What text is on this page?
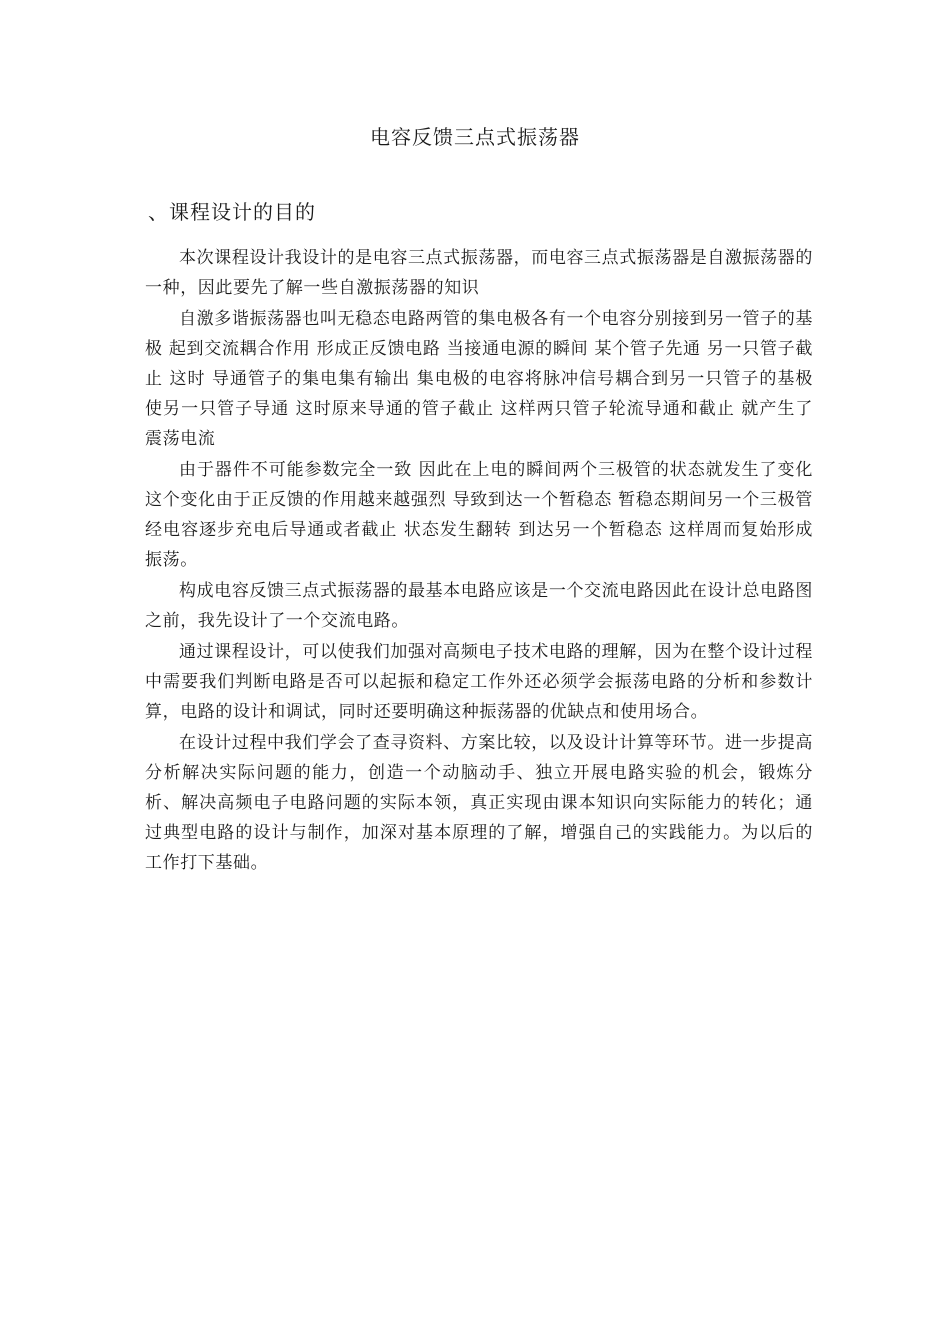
电容反馈三点式振荡器
、课程设计的目的

本次课程设计我设计的是电容三点式振荡器，而电容三点式振荡器是自激振荡器的一种，因此要先了解一些自激振荡器的知识

自激多谐振荡器也叫无稳态电路两管的集电极各有一个电容分别接到另一管子的基极 起到交流耦合作用 形成正反馈电路 当接通电源的瞬间 某个管子先通 另一只管子截止 这时 导通管子的集电集有输出 集电极的电容将脉冲信号耦合到另一只管子的基极使另一只管子导通 这时原来导通的管子截止 这样两只管子轮流导通和截止 就产生了震荡电流

由于器件不可能参数完全一致 因此在上电的瞬间两个三极管的状态就发生了变化 这个变化由于正反馈的作用越来越强烈 导致到达一个暂稳态 暂稳态期间另一个三极管经电容逐步充电后导通或者截止 状态发生翻转 到达另一个暂稳态 这样周而复始形成振荡。

构成电容反馈三点式振荡器的最基本电路应该是一个交流电路因此在设计总电路图之前，我先设计了一个交流电路。

通过课程设计，可以使我们加强对高频电子技术电路的理解，因为在整个设计过程中需要我们判断电路是否可以起振和稳定工作外还必须学会振荡电路的分析和参数计算，电路的设计和调试，同时还要明确这种振荡器的优缺点和使用场合。

在设计过程中我们学会了查寻资料、方案比较，以及设计计算等环节。进一步提高分析解决实际问题的能力，创造一个动脑动手、独立开展电路实验的机会，锻炼分析、解决高频电子电路问题的实际本领，真正实现由课本知识向实际能力的转化；通过典型电路的设计与制作，加深对基本原理的了解，增强自己的实践能力。为以后的工作打下基础。
